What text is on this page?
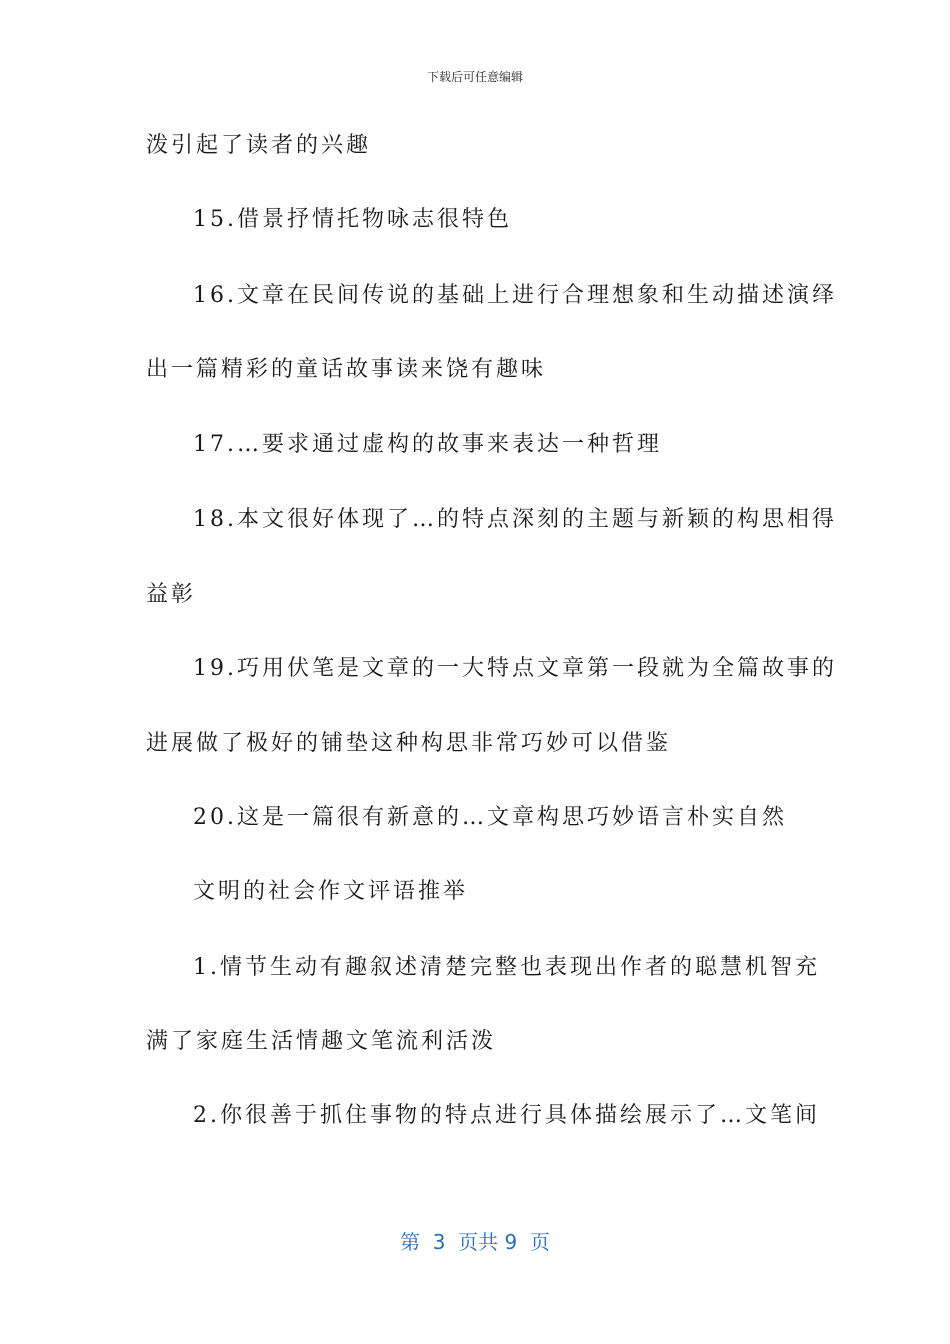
下载后可任意编辑
泼引起了读者的兴趣
15.借景抒情托物咏志很特色
16.文章在民间传说的基础上进行合理想象和生动描述演绎
出一篇精彩的童话故事读来饶有趣味
17.…要求通过虚构的故事来表达一种哲理
18.本文很好体现了…的特点深刻的主题与新颖的构思相得
益彰
19.巧用伏笔是文章的一大特点文章第一段就为全篇故事的
进展做了极好的铺垫这种构思非常巧妙可以借鉴
20.这是一篇很有新意的…文章构思巧妙语言朴实自然
文明的社会作文评语推举
1.情节生动有趣叙述清楚完整也表现出作者的聪慧机智充
满了家庭生活情趣文笔流利活泼
2.你很善于抓住事物的特点进行具体描绘展示了…文笔间
第  3  页共 9  页
